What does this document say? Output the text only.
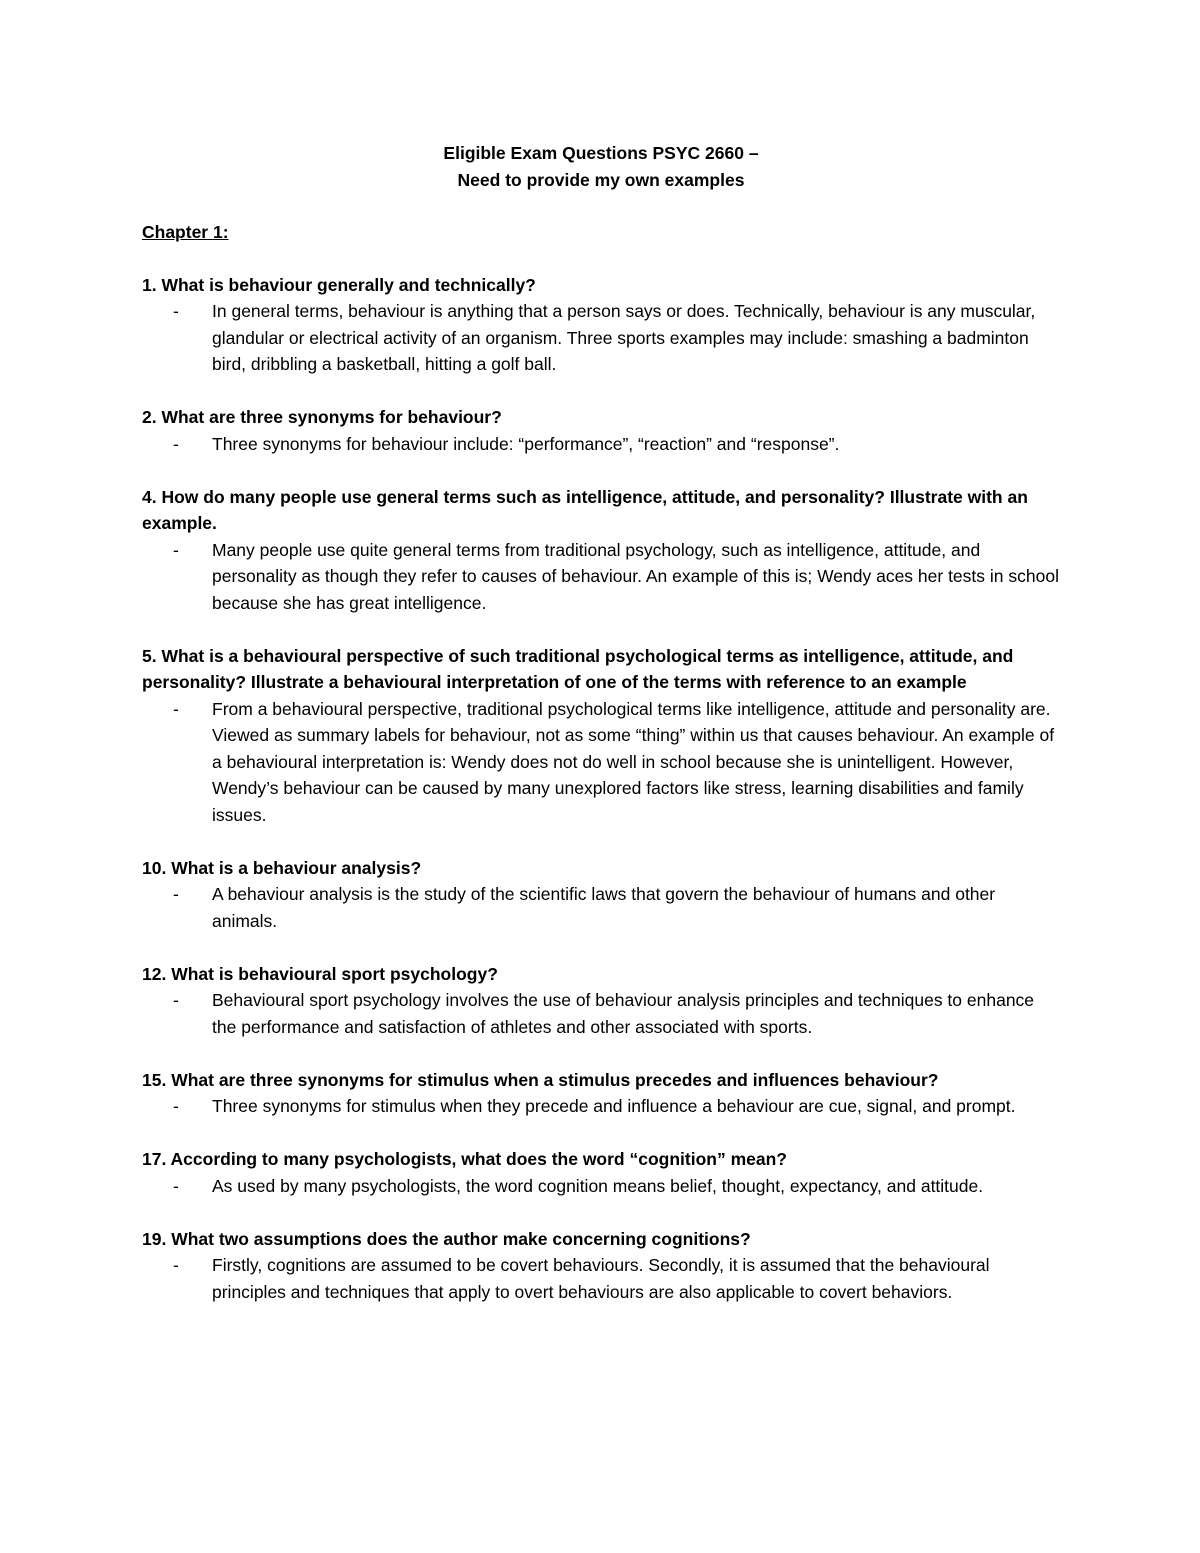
Eligible Exam Questions PSYC 2660 –
Need to provide my own examples
Chapter 1:
1. What is behaviour generally and technically?
- In general terms, behaviour is anything that a person says or does. Technically, behaviour is any muscular, glandular or electrical activity of an organism. Three sports examples may include: smashing a badminton bird, dribbling a basketball, hitting a golf ball.
2. What are three synonyms for behaviour?
- Three synonyms for behaviour include: “performance”, “reaction” and “response”.
4. How do many people use general terms such as intelligence, attitude, and personality? Illustrate with an example.
- Many people use quite general terms from traditional psychology, such as intelligence, attitude, and personality as though they refer to causes of behaviour. An example of this is; Wendy aces her tests in school because she has great intelligence.
5. What is a behavioural perspective of such traditional psychological terms as intelligence, attitude, and personality? Illustrate a behavioural interpretation of one of the terms with reference to an example
- From a behavioural perspective, traditional psychological terms like intelligence, attitude and personality are. Viewed as summary labels for behaviour, not as some “thing” within us that causes behaviour. An example of a behavioural interpretation is: Wendy does not do well in school because she is unintelligent. However, Wendy’s behaviour can be caused by many unexplored factors like stress, learning disabilities and family issues.
10. What is a behaviour analysis?
- A behaviour analysis is the study of the scientific laws that govern the behaviour of humans and other animals.
12. What is behavioural sport psychology?
- Behavioural sport psychology involves the use of behaviour analysis principles and techniques to enhance the performance and satisfaction of athletes and other associated with sports.
15. What are three synonyms for stimulus when a stimulus precedes and influences behaviour?
- Three synonyms for stimulus when they precede and influence a behaviour are cue, signal, and prompt.
17. According to many psychologists, what does the word “cognition” mean?
- As used by many psychologists, the word cognition means belief, thought, expectancy, and attitude.
19. What two assumptions does the author make concerning cognitions?
- Firstly, cognitions are assumed to be covert behaviours. Secondly, it is assumed that the behavioural principles and techniques that apply to overt behaviours are also applicable to covert behaviors.
